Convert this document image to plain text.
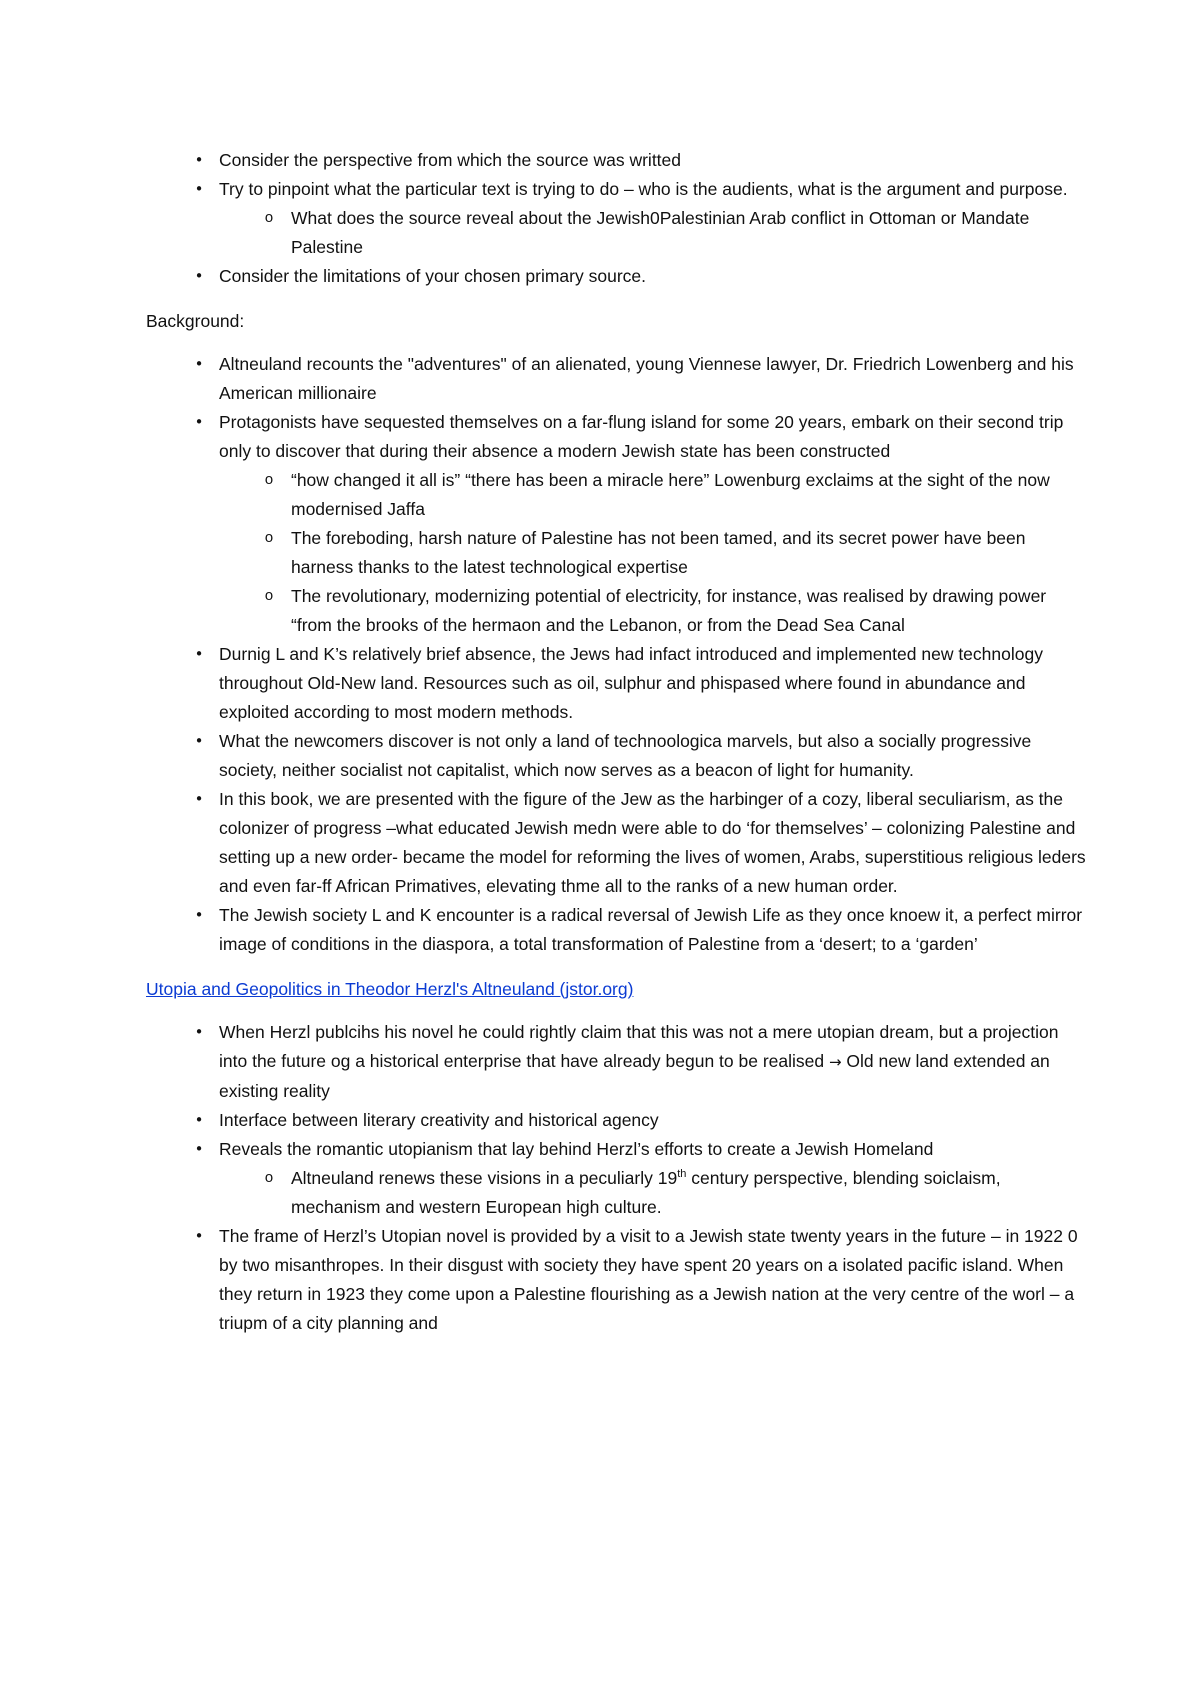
• Consider the perspective from which the source was writted
• Try to pinpoint what the particular text is trying to do – who is the audients, what is the argument and purpose.
o	What does the source reveal about the Jewish0Palestinian Arab conflict in Ottoman or Mandate Palestine
• Consider the limitations of your chosen primary source.

Background:

• Altneuland recounts the "adventures" of an alienated, young Viennese lawyer, Dr. Friedrich Lowenberg and his American millionaire
• Protagonists have sequested themselves on a far-flung island for some 20 years, embark on their second trip only to discover that during their absence a modern Jewish state has been constructed
o	“how changed it all is” “there has been a miracle here” Lowenburg exclaims at the sight of the now modernised Jaffa
o	The foreboding, harsh nature of Palestine has not been tamed, and its secret power have been harness thanks to the latest technological expertise
o	The revolutionary, modernizing potential of electricity, for instance, was realised by drawing power “from the brooks of the hermaon and the Lebanon, or from the Dead Sea Canal
• Durnig L and K’s relatively brief absence, the Jews had infact introduced and implemented new technology throughout Old-New land. Resources such as oil, sulphur and phispased where found in abundance and exploited according to most modern methods.
• What the newcomers discover is not only a land of technoologica marvels, but also a socially progressive society, neither socialist not capitalist, which now serves as a beacon of light for humanity.
• In this book, we are presented with the figure of the Jew as the harbinger of a cozy, liberal seculiarism, as the colonizer of progress –what educated Jewish medn were able to do ‘for themselves’ – colonizing Palestine and setting up a new order- became the model for reforming the lives of women, Arabs, superstitious religious leders and even far-ff African Primatives, elevating thme all to the ranks of a new human order.
• The Jewish society L and K encounter is a radical reversal of Jewish Life as they once knoew it, a perfect mirror image of conditions in the diaspora, a total transformation of Palestine from a ‘desert; to a ‘garden’

Utopia and Geopolitics in Theodor Herzl's Altneuland (jstor.org)

• When Herzl publcihs his novel he could rightly claim that this was not a mere utopian dream, but a projection into the future og a historical enterprise that have already begun to be realised → Old new land extended an existing reality
• Interface between literary creativity and historical agency
• Reveals the romantic utopianism that lay behind Herzl’s efforts to create a Jewish Homeland
o	Altneuland renews these visions in a peculiarly 19th century perspective, blending soiclaism, mechanism and western European high culture.
• The frame of Herzl’s Utopian novel is provided by a visit to a Jewish state twenty years in the future – in 1922 0 by two misanthropes. In their disgust with society they have spent 20 years on a isolated pacific island. When they return in 1923 they come upon a Palestine flourishing as a Jewish nation at the very centre of the worl – a triupm of a city planning and
